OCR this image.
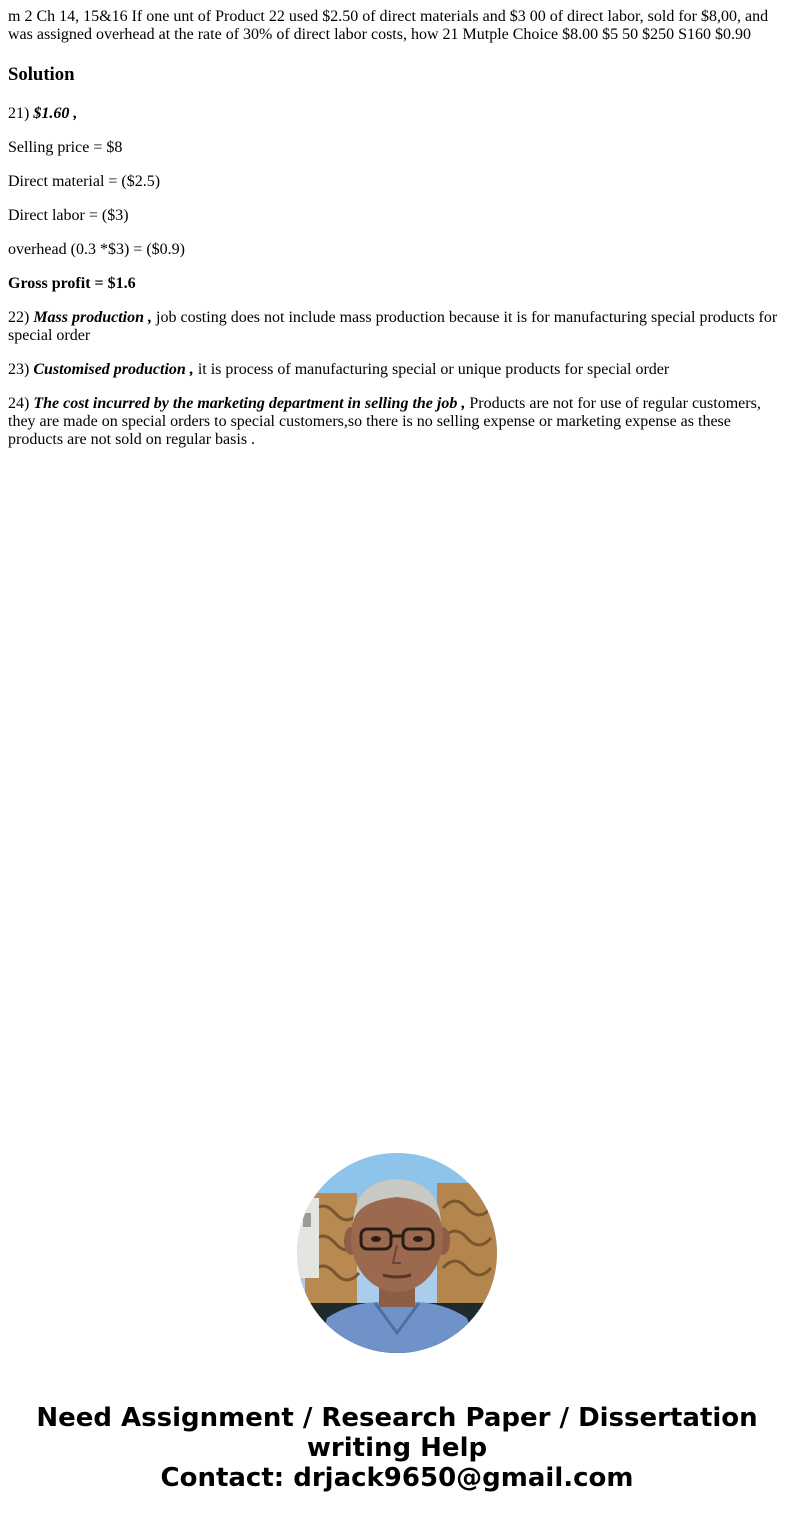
m 2 Ch 14, 15&16 If one unt of Product 22 used $2.50 of direct materials and $3 00 of direct labor, sold for $8,00, and was assigned overhead at the rate of 30% of direct labor costs, how 21 Mutple Choice $8.00 $5 50 $250 S160 $0.90

Solution

21) $1.60 ,

Selling price = $8

Direct material = ($2.5)

Direct labor = ($3)

overhead (0.3 *$3) = ($0.9)

Gross profit = $1.6

22) Mass production , job costing does not include mass production because it is for manufacturing special products for special order

23) Customised production , it is process of manufacturing special or unique products for special order

24) The cost incurred by the marketing department in selling the job , Products are not for use of regular customers, they are made on special orders to special customers,so there is no selling expense or marketing expense as these products are not sold on regular basis .

Need Assignment / Research Paper / Dissertation
writing Help
Contact: drjack9650@gmail.com
